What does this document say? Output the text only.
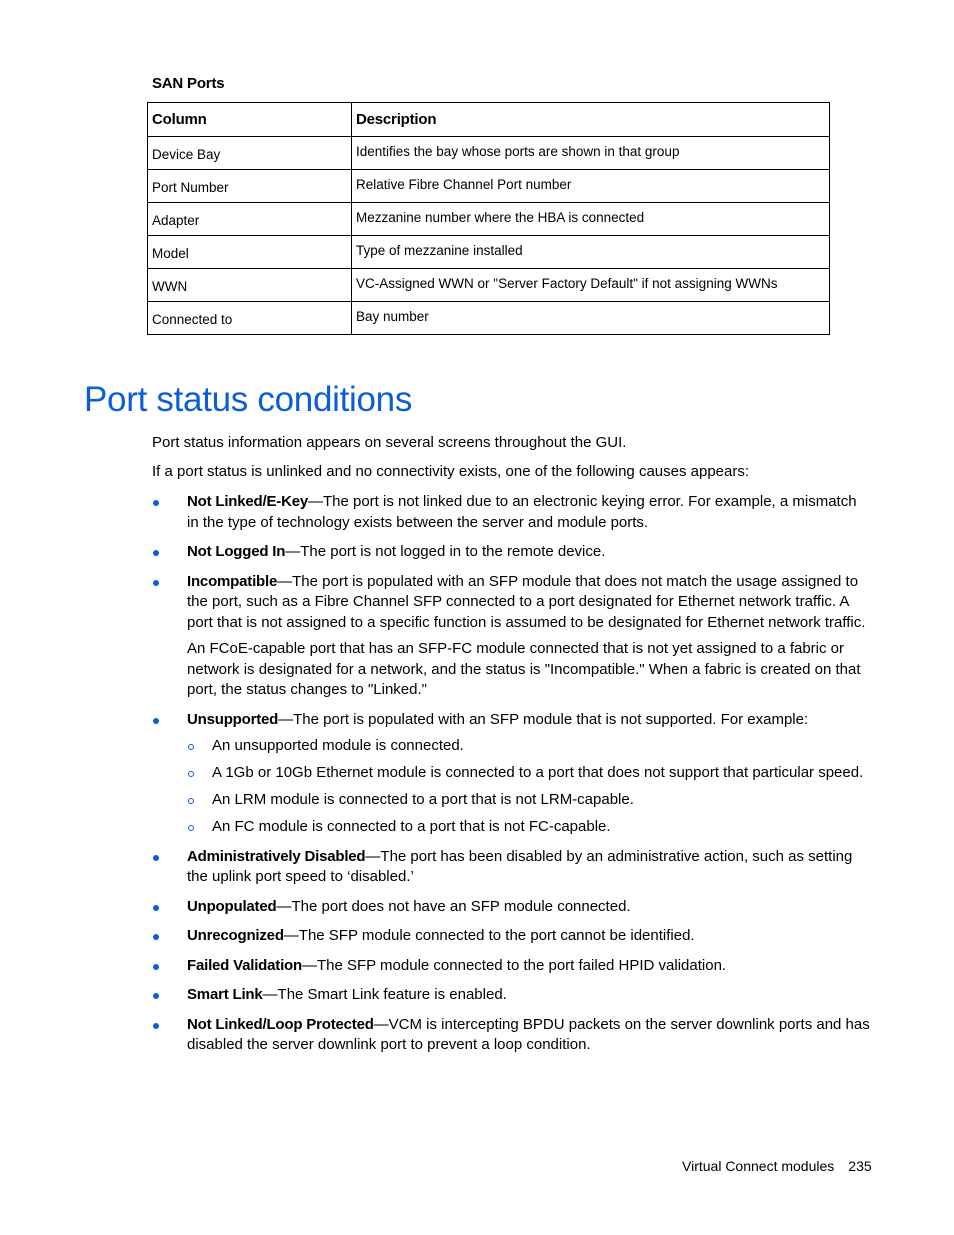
SAN Ports
Column	Description
Device Bay	Identifies the bay whose ports are shown in that group
Port Number	Relative Fibre Channel Port number
Adapter	Mezzanine number where the HBA is connected
Model	Type of mezzanine installed
WWN	VC-Assigned WWN or "Server Factory Default" if not assigning WWNs
Connected to	Bay number
Port status conditions

Port status information appears on several screens throughout the GUI.

If a port status is unlinked and no connectivity exists, one of the following causes appears:

Not Linked/E-Key—The port is not linked due to an electronic keying error. For example, a mismatch in the type of technology exists between the server and module ports.
Not Logged In—The port is not logged in to the remote device.
Incompatible—The port is populated with an SFP module that does not match the usage assigned to the port, such as a Fibre Channel SFP connected to a port designated for Ethernet network traffic. A port that is not assigned to a specific function is assumed to be designated for Ethernet network traffic.
An FCoE-capable port that has an SFP-FC module connected that is not yet assigned to a fabric or network is designated for a network, and the status is "Incompatible." When a fabric is created on that port, the status changes to "Linked."
Unsupported—The port is populated with an SFP module that is not supported. For example:
An unsupported module is connected.
A 1Gb or 10Gb Ethernet module is connected to a port that does not support that particular speed.
An LRM module is connected to a port that is not LRM-capable.
An FC module is connected to a port that is not FC-capable.
Administratively Disabled—The port has been disabled by an administrative action, such as setting the uplink port speed to ‘disabled.’
Unpopulated—The port does not have an SFP module connected.
Unrecognized—The SFP module connected to the port cannot be identified.
Failed Validation—The SFP module connected to the port failed HPID validation.
Smart Link—The Smart Link feature is enabled.
Not Linked/Loop Protected—VCM is intercepting BPDU packets on the server downlink ports and has disabled the server downlink port to prevent a loop condition.
Virtual Connect modules 235
